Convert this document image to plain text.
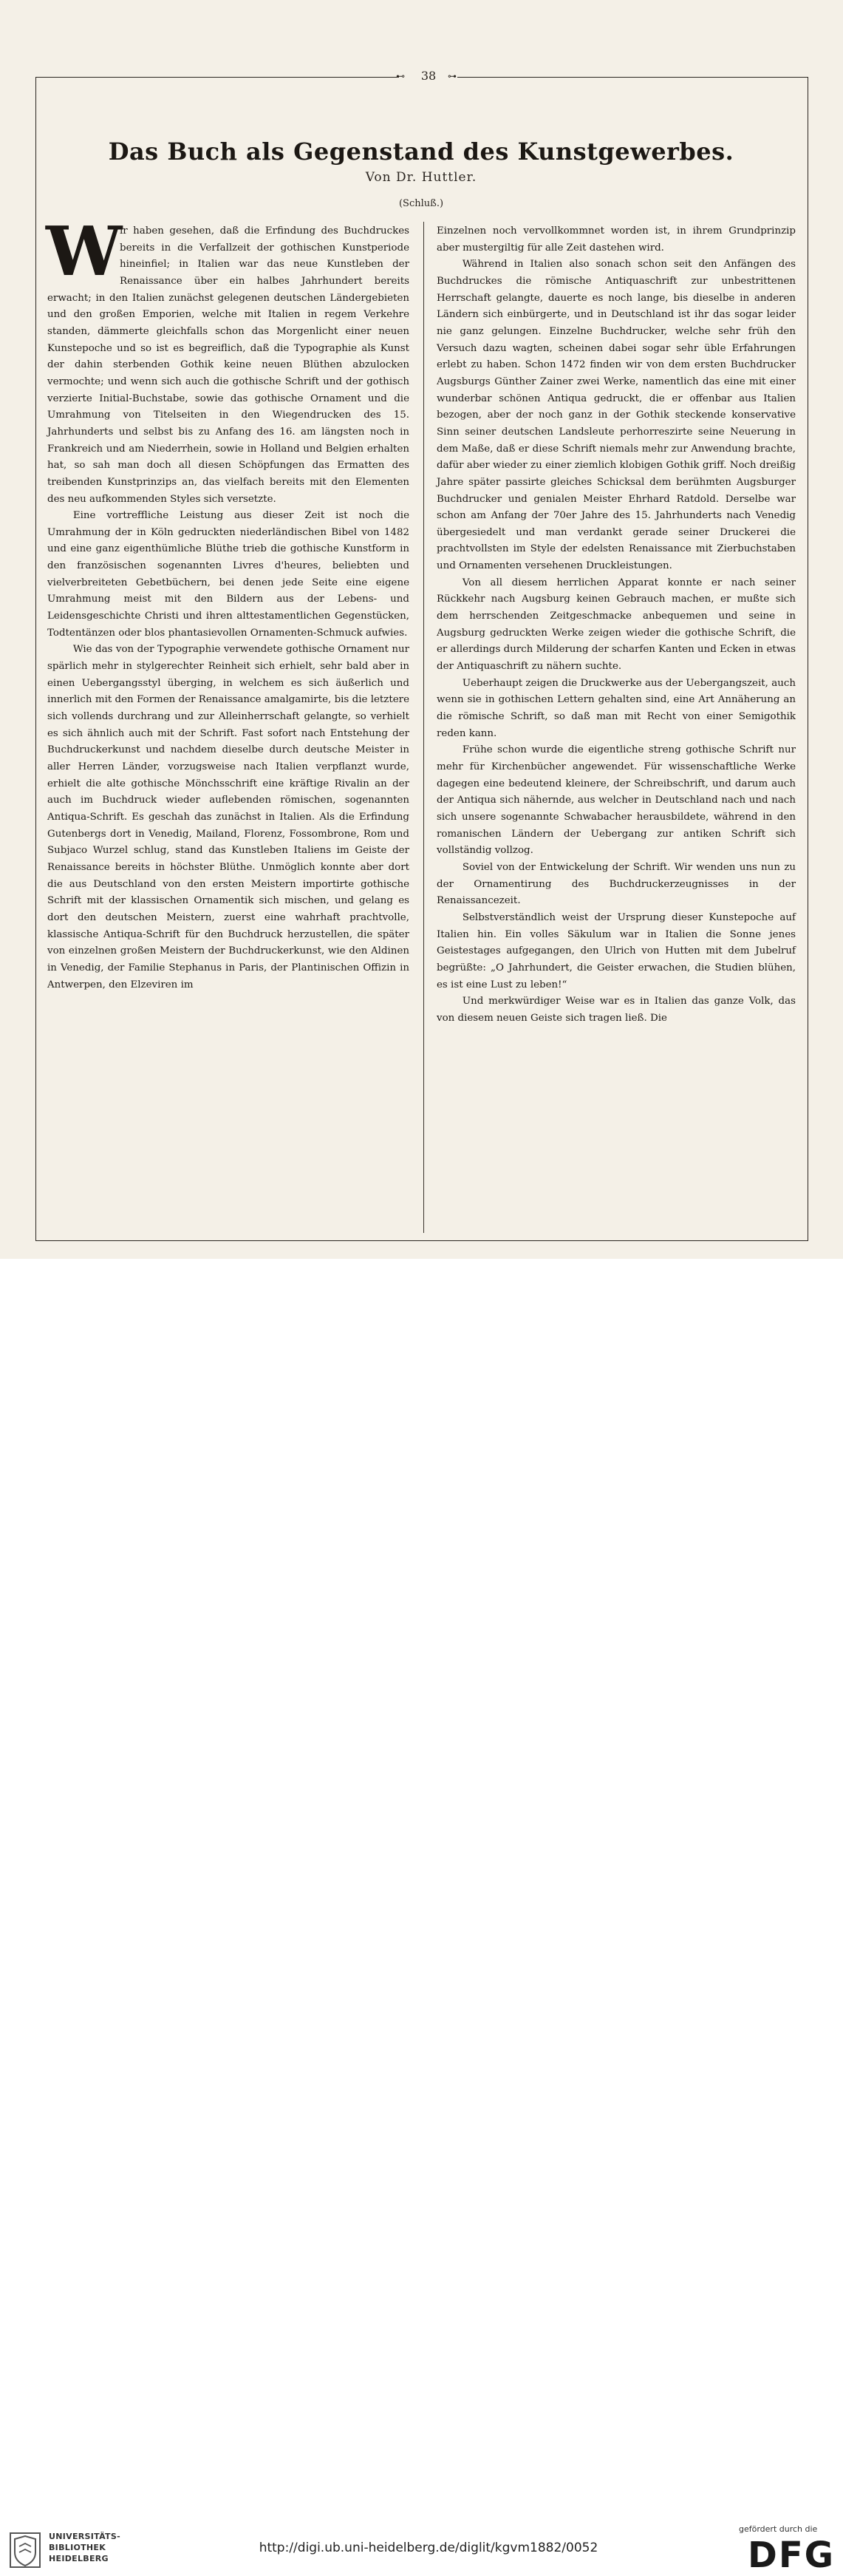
⊷	⊶
38
Das Buch als Gegenstand des Kunstgewerbes.
Von Dr. Huttler.
(Schluß.)

W
ir haben gesehen, daß die Erfindung des Buchdruckes bereits in die Verfallzeit der gothischen Kunstperiode hineinfiel; in Italien war das neue Kunstleben der Renaissance über ein halbes Jahrhundert bereits erwacht; in den Italien zunächst gelegenen deutschen Ländergebieten und den großen Emporien, welche mit Italien in regem Verkehre standen, dämmerte gleichfalls schon das Morgenlicht einer neuen Kunstepoche und so ist es begreiflich, daß die Typographie als Kunst der dahin sterbenden Gothik keine neuen Blüthen abzulocken vermochte; und wenn sich auch die gothische Schrift und der gothisch verzierte Initial-Buchstabe, sowie das gothische Ornament und die Umrahmung von Titelseiten in den Wiegendrucken des 15. Jahrhunderts und selbst bis zu Anfang des 16. am längsten noch in Frankreich und am Niederrhein, sowie in Holland und Belgien erhalten hat, so sah man doch all diesen Schöpfungen das Ermatten des treibenden Kunstprinzips an, das vielfach bereits mit den Elementen des neu aufkommenden Styles sich versetzte.

Eine vortreffliche Leistung aus dieser Zeit ist noch die Umrahmung der in Köln gedruckten niederländischen Bibel von 1482 und eine ganz eigenthümliche Blüthe trieb die gothische Kunstform in den französischen sogenannten Livres d'heures, beliebten und vielverbreiteten Gebetbüchern, bei denen jede Seite eine eigene Umrahmung meist mit den Bildern aus der Lebens- und Leidensgeschichte Christi und ihren alttestamentlichen Gegenstücken, Todtentänzen oder blos phantasievollen Ornamenten-Schmuck aufwies.

Wie das von der Typographie verwendete gothische Ornament nur spärlich mehr in stylgerechter Reinheit sich erhielt, sehr bald aber in einen Uebergangsstyl überging, in welchem es sich äußerlich und innerlich mit den Formen der Renaissance amalgamirte, bis die letztere sich vollends durchrang und zur Alleinherrschaft gelangte, so verhielt es sich ähnlich auch mit der Schrift. Fast sofort nach Entstehung der Buchdruckerkunst und nachdem dieselbe durch deutsche Meister in aller Herren Länder, vorzugsweise nach Italien verpflanzt wurde, erhielt die alte gothische Mönchsschrift eine kräftige Rivalin an der auch im Buchdruck wieder auflebenden römischen, sogenannten Antiqua-Schrift. Es geschah das zunächst in Italien. Als die Erfindung Gutenbergs dort in Venedig, Mailand, Florenz, Fossombrone, Rom und Subjaco Wurzel schlug, stand das Kunstleben Italiens im Geiste der Renaissance bereits in höchster Blüthe. Unmöglich konnte aber dort die aus Deutschland von den ersten Meistern importirte gothische Schrift mit der klassischen Ornamentik sich mischen, und gelang es dort den deutschen Meistern, zuerst eine wahrhaft prachtvolle, klassische Antiqua-Schrift für den Buchdruck herzustellen, die später von einzelnen großen Meistern der Buchdruckerkunst, wie den Aldinen in Venedig, der Familie Stephanus in Paris, der Plantinischen Offizin in Antwerpen, den Elzeviren im

Einzelnen noch vervollkommnet worden ist, in ihrem Grundprinzip aber mustergiltig für alle Zeit dastehen wird.

Während in Italien also sonach schon seit den Anfängen des Buchdruckes die römische Antiquaschrift zur unbestrittenen Herrschaft gelangte, dauerte es noch lange, bis dieselbe in anderen Ländern sich einbürgerte, und in Deutschland ist ihr das sogar leider nie ganz gelungen. Einzelne Buchdrucker, welche sehr früh den Versuch dazu wagten, scheinen dabei sogar sehr üble Erfahrungen erlebt zu haben. Schon 1472 finden wir von dem ersten Buchdrucker Augsburgs Günther Zainer zwei Werke, namentlich das eine mit einer wunderbar schönen Antiqua gedruckt, die er offenbar aus Italien bezogen, aber der noch ganz in der Gothik steckende konservative Sinn seiner deutschen Landsleute perhorreszirte seine Neuerung in dem Maße, daß er diese Schrift niemals mehr zur Anwendung brachte, dafür aber wieder zu einer ziemlich klobigen Gothik griff. Noch dreißig Jahre später passirte gleiches Schicksal dem berühmten Augsburger Buchdrucker und genialen Meister Ehrhard Ratdold. Derselbe war schon am Anfang der 70er Jahre des 15. Jahrhunderts nach Venedig übergesiedelt und man verdankt gerade seiner Druckerei die prachtvollsten im Style der edelsten Renaissance mit Zierbuchstaben und Ornamenten versehenen Druckleistungen.

Von all diesem herrlichen Apparat konnte er nach seiner Rückkehr nach Augsburg keinen Gebrauch machen, er mußte sich dem herrschenden Zeitgeschmacke anbequemen und seine in Augsburg gedruckten Werke zeigen wieder die gothische Schrift, die er allerdings durch Milderung der scharfen Kanten und Ecken in etwas der Antiquaschrift zu nähern suchte.

Ueberhaupt zeigen die Druckwerke aus der Uebergangszeit, auch wenn sie in gothischen Lettern gehalten sind, eine Art Annäherung an die römische Schrift, so daß man mit Recht von einer Semigothik reden kann.

Frühe schon wurde die eigentliche streng gothische Schrift nur mehr für Kirchenbücher angewendet. Für wissenschaftliche Werke dagegen eine bedeutend kleinere, der Schreibschrift, und darum auch der Antiqua sich nähernde, aus welcher in Deutschland nach und nach sich unsere sogenannte Schwabacher herausbildete, während in den romanischen Ländern der Uebergang zur antiken Schrift sich vollständig vollzog.

Soviel von der Entwickelung der Schrift. Wir wenden uns nun zu der Ornamentirung des Buchdruckerzeugnisses in der Renaissancezeit.

Selbstverständlich weist der Ursprung dieser Kunstepoche auf Italien hin. Ein volles Säkulum war in Italien die Sonne jenes Geistestages aufgegangen, den Ulrich von Hutten mit dem Jubelruf begrüßte: „O Jahrhundert, die Geister erwachen, die Studien blühen, es ist eine Lust zu leben!“

Und merkwürdiger Weise war es in Italien das ganze Volk, das von diesem neuen Geiste sich tragen ließ. Die

UNIVERSITÄTS-
BIBLIOTHEK
HEIDELBERG
http://digi.ub.uni-heidelberg.de/diglit/kgvm1882/0052
gefördert durch die
DFG
